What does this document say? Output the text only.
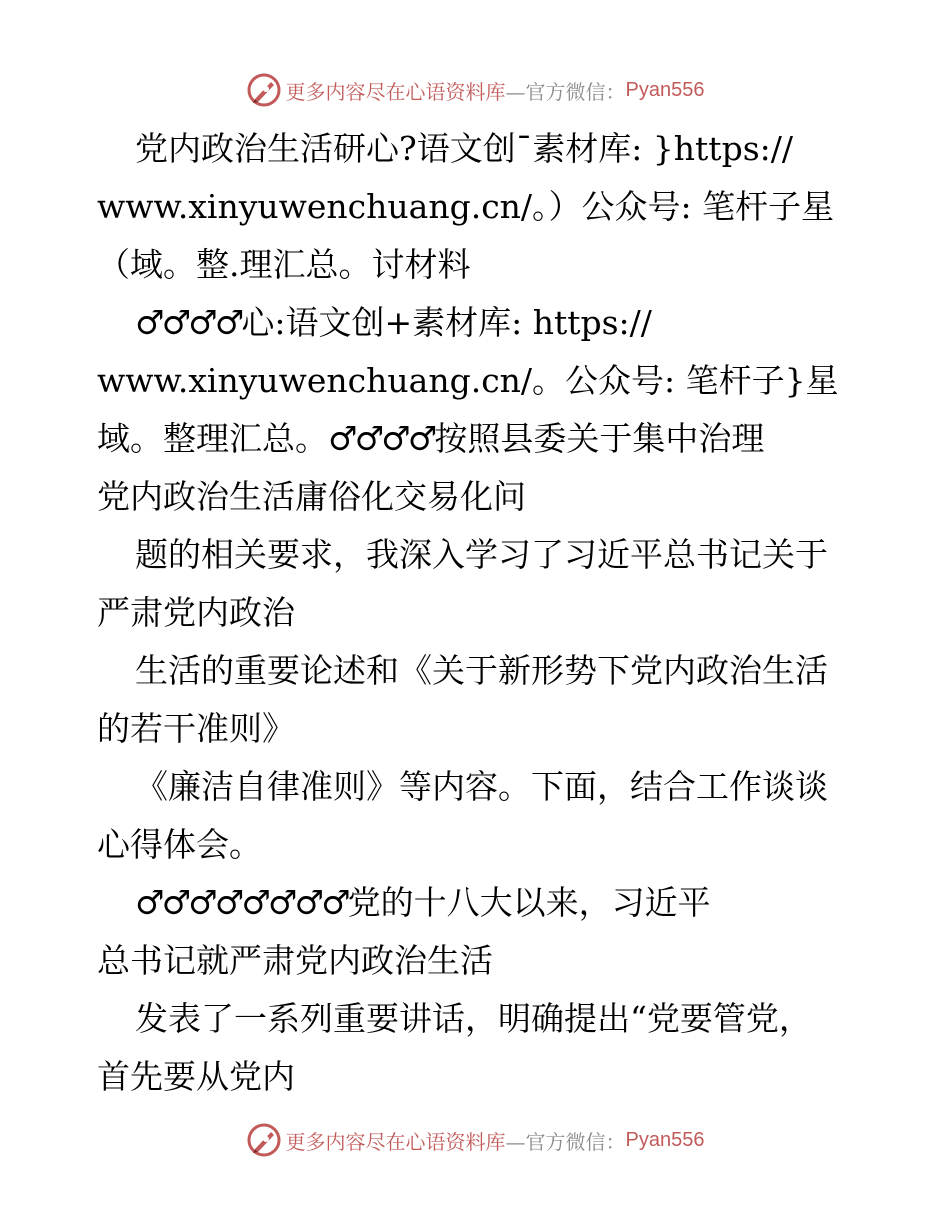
更多内容尽在心语资料库 —官方微信： Pyan556
党内政治生活研心?语文创¯素材库: }https://
www.xinyuwenchuang.cn/。）公众号: 笔杆子星
（域。整.理汇总。讨材料
♂♂♂♂心:语文创+素材库: https://
www.xinyuwenchuang.cn/。公众号: 笔杆子}星
域。整理汇总。♂♂♂♂按照县委关于集中治理
党内政治生活庸俗化交易化问
题的相关要求，我深入学习了习近平总书记关于
严肃党内政治
生活的重要论述和《关于新形势下党内政治生活
的若干准则》
《廉洁自律准则》等内容。下面，结合工作谈谈
心得体会。
♂♂♂♂♂♂♂♂党的十八大以来，习近平
总书记就严肃党内政治生活
发表了一系列重要讲话，明确提出“党要管党，
首先要从党内
更多内容尽在心语资料库 —官方微信： Pyan556
